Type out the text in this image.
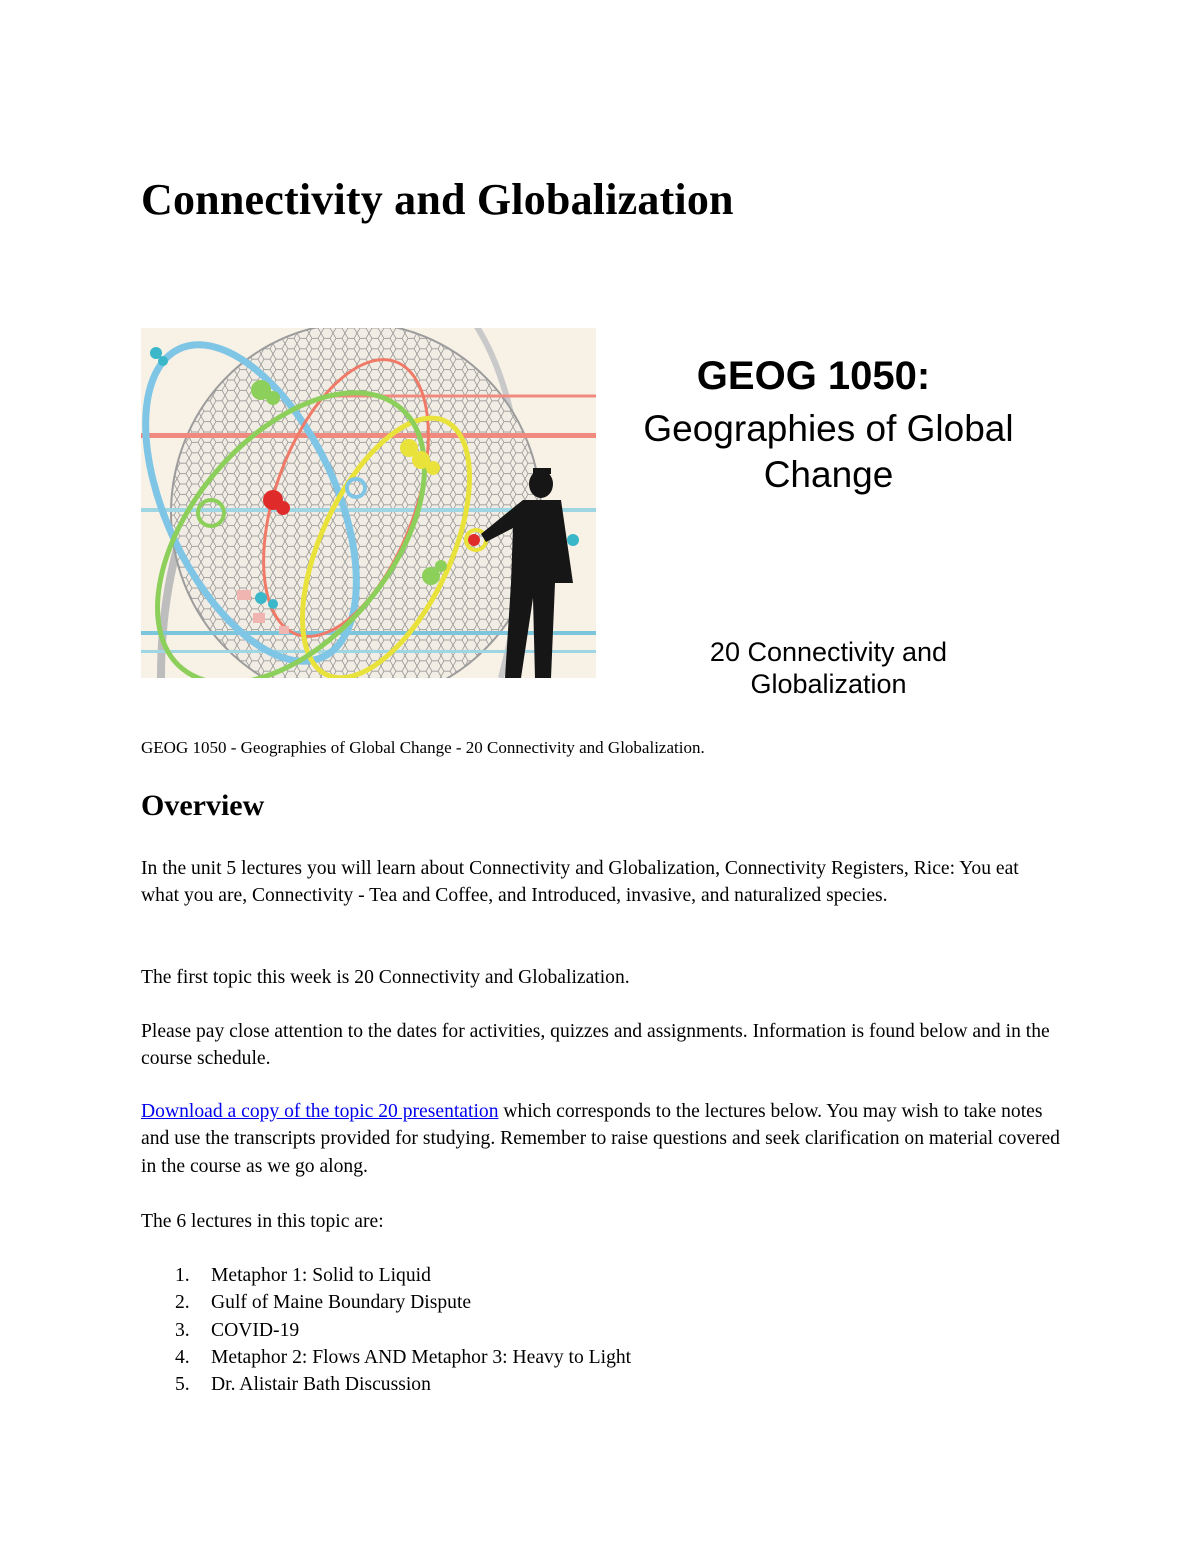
Connectivity and Globalization
GEOG 1050:
Geographies of Global
Change
20 Connectivity and
Globalization

GEOG 1050 - Geographies of Global Change - 20 Connectivity and Globalization.

Overview

In the unit 5 lectures you will learn about Connectivity and Globalization, Connectivity Registers, Rice: You eat what you are, Connectivity - Tea and Coffee, and Introduced, invasive, and naturalized species.

The first topic this week is 20 Connectivity and Globalization.

Please pay close attention to the dates for activities, quizzes and assignments. Information is found below and in the course schedule.

Download a copy of the topic 20 presentation which corresponds to the lectures below. You may wish to take notes and use the transcripts provided for studying. Remember to raise questions and seek clarification on material covered in the course as we go along.

The 6 lectures in this topic are:

1. Metaphor 1: Solid to Liquid
2. Gulf of Maine Boundary Dispute
3. COVID-19
4. Metaphor 2: Flows AND Metaphor 3: Heavy to Light
5. Dr. Alistair Bath Discussion
